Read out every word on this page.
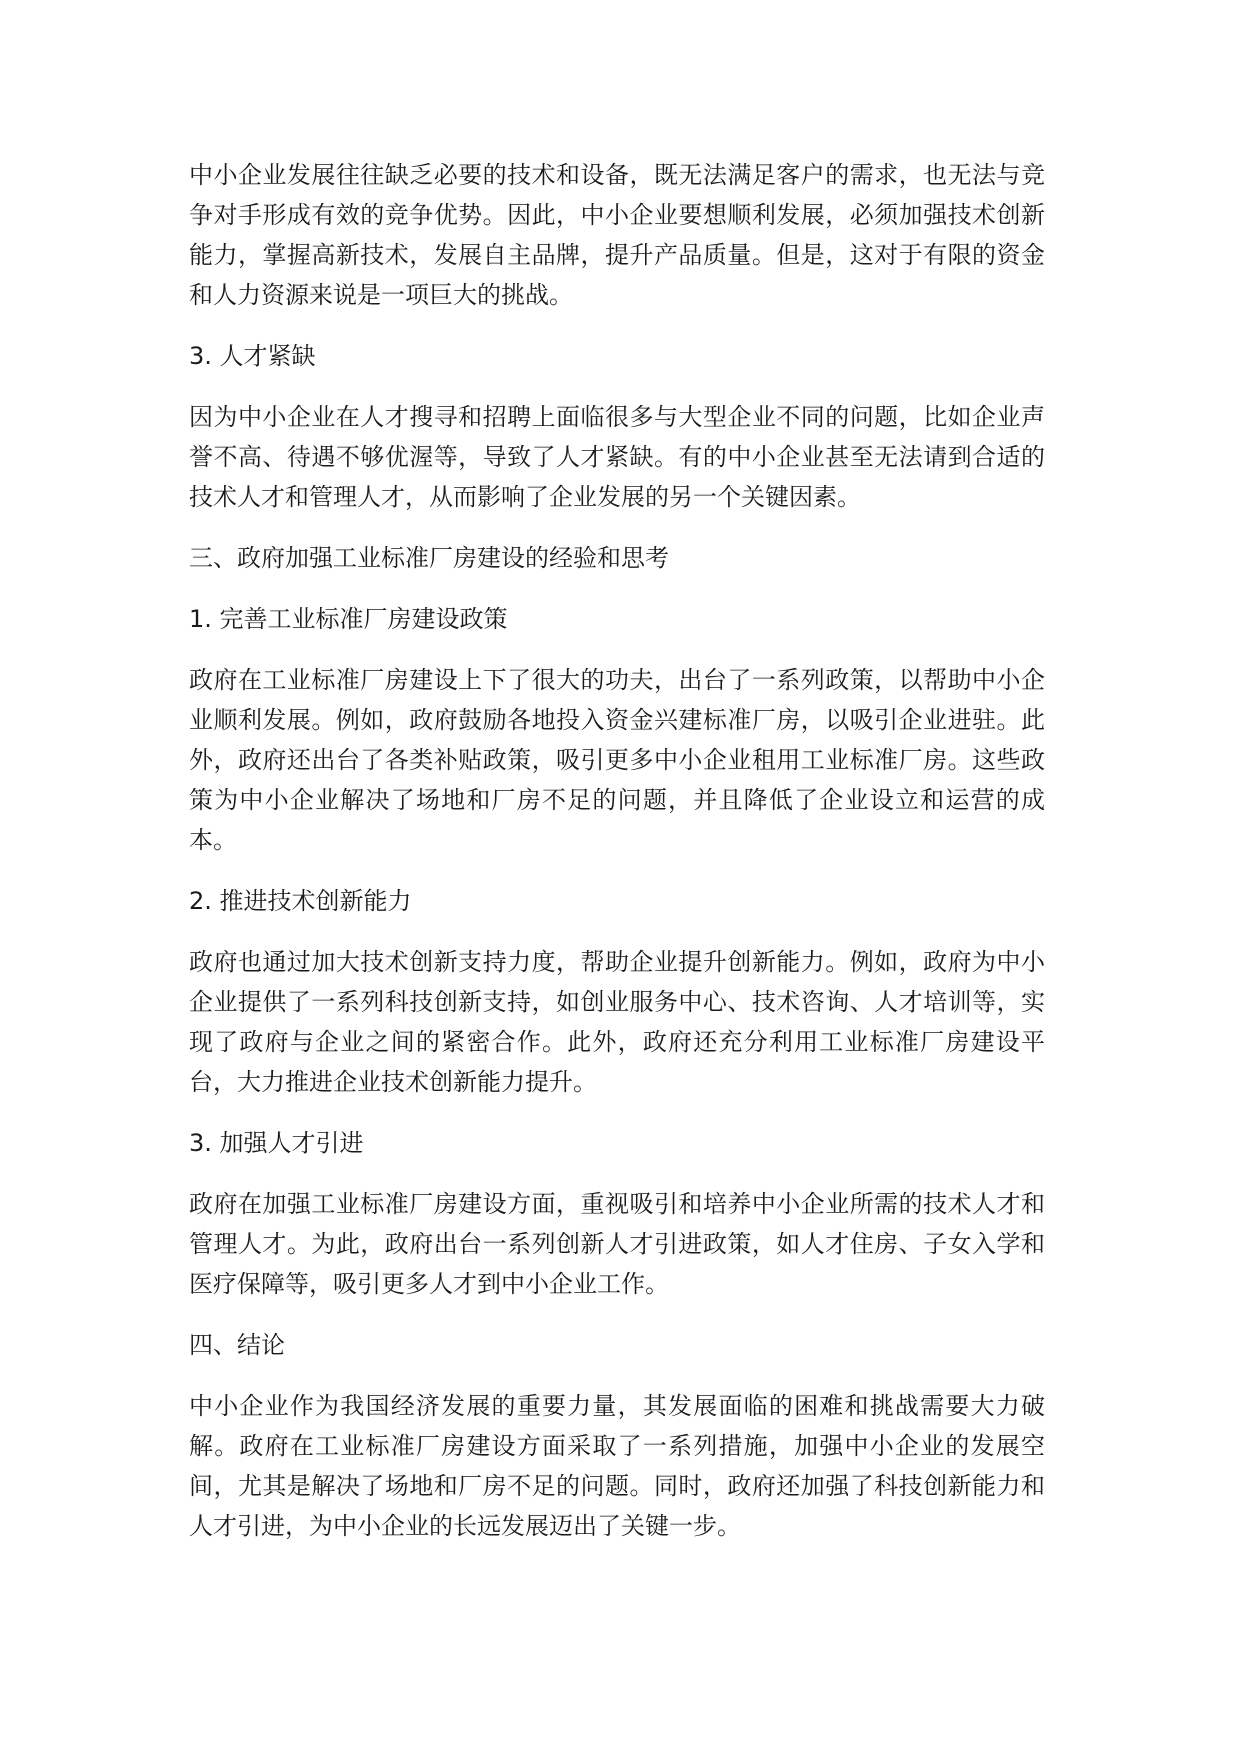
中小企业发展往往缺乏必要的技术和设备，既无法满足客户的需求，也无法与竞争对手形成有效的竞争优势。因此，中小企业要想顺利发展，必须加强技术创新能力，掌握高新技术，发展自主品牌，提升产品质量。但是，这对于有限的资金和人力资源来说是一项巨大的挑战。

3. 人才紧缺

因为中小企业在人才搜寻和招聘上面临很多与大型企业不同的问题，比如企业声誉不高、待遇不够优渥等，导致了人才紧缺。有的中小企业甚至无法请到合适的技术人才和管理人才，从而影响了企业发展的另一个关键因素。

三、政府加强工业标准厂房建设的经验和思考

1. 完善工业标准厂房建设政策

政府在工业标准厂房建设上下了很大的功夫，出台了一系列政策，以帮助中小企业顺利发展。例如，政府鼓励各地投入资金兴建标准厂房，以吸引企业进驻。此外，政府还出台了各类补贴政策，吸引更多中小企业租用工业标准厂房。这些政策为中小企业解决了场地和厂房不足的问题，并且降低了企业设立和运营的成本。

2. 推进技术创新能力

政府也通过加大技术创新支持力度，帮助企业提升创新能力。例如，政府为中小企业提供了一系列科技创新支持，如创业服务中心、技术咨询、人才培训等，实现了政府与企业之间的紧密合作。此外，政府还充分利用工业标准厂房建设平台，大力推进企业技术创新能力提升。

3. 加强人才引进

政府在加强工业标准厂房建设方面，重视吸引和培养中小企业所需的技术人才和管理人才。为此，政府出台一系列创新人才引进政策，如人才住房、子女入学和医疗保障等，吸引更多人才到中小企业工作。

四、结论

中小企业作为我国经济发展的重要力量，其发展面临的困难和挑战需要大力破解。政府在工业标准厂房建设方面采取了一系列措施，加强中小企业的发展空间，尤其是解决了场地和厂房不足的问题。同时，政府还加强了科技创新能力和人才引进，为中小企业的长远发展迈出了关键一步。
